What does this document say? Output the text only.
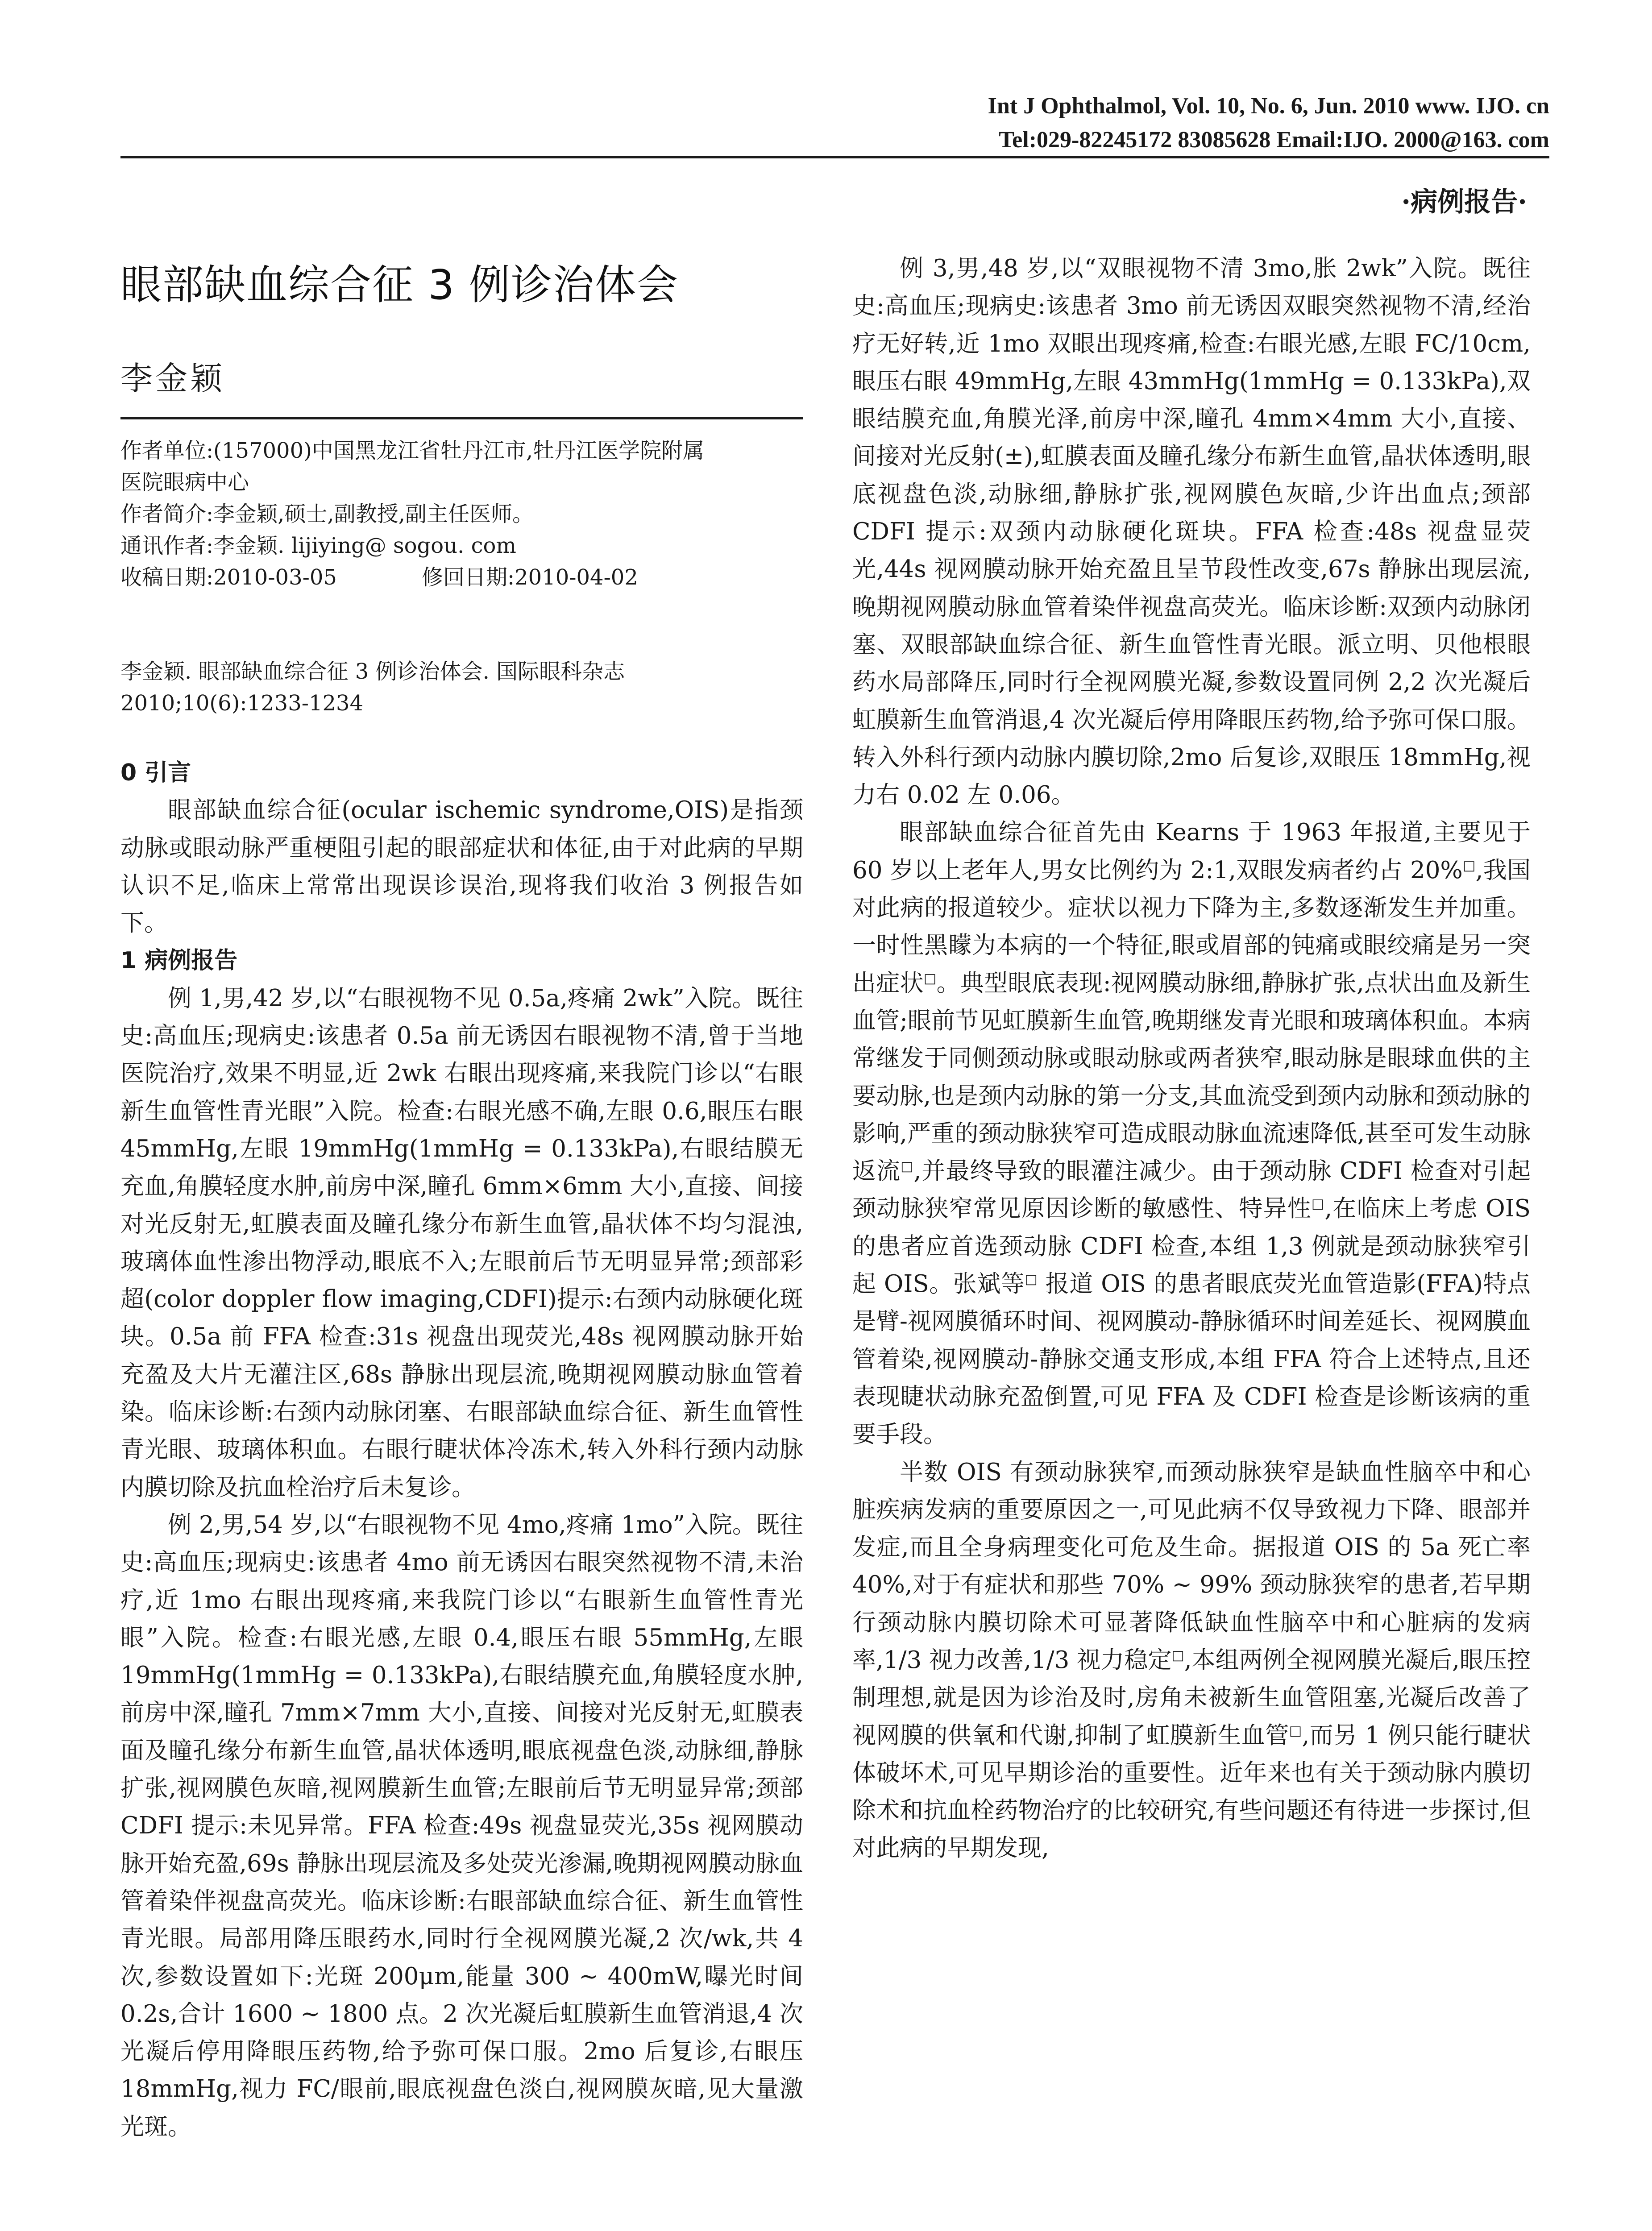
Int J Ophthalmol, Vol. 10, No. 6, Jun. 2010 www. IJO. cn
Tel:029-82245172 83085628 Email:IJO. 2000@163. com
·病例报告·
眼部缺血综合征 3 例诊治体会
李金颖
作者单位:(157000)中国黑龙江省牡丹江市,牡丹江医学院附属
医院眼病中心
作者简介:李金颖,硕士,副教授,副主任医师。
通讯作者:李金颖. lijiying@ sogou. com
收稿日期:2010-03-05	修回日期:2010-04-02
李金颖. 眼部缺血综合征 3 例诊治体会. 国际眼科杂志 2010;10(6):1233-1234
0 引言

眼部缺血综合征(ocular ischemic syndrome,OIS)是指颈动脉或眼动脉严重梗阻引起的眼部症状和体征,由于对此病的早期认识不足,临床上常常出现误诊误治,现将我们收治 3 例报告如下。

1 病例报告

例 1,男,42 岁,以“右眼视物不见 0.5a,疼痛 2wk”入院。既往史:高血压;现病史:该患者 0.5a 前无诱因右眼视物不清,曾于当地医院治疗,效果不明显,近 2wk 右眼出现疼痛,来我院门诊以“右眼新生血管性青光眼”入院。检查:右眼光感不确,左眼 0.6,眼压右眼 45mmHg,左眼 19mmHg(1mmHg = 0.133kPa),右眼结膜无充血,角膜轻度水肿,前房中深,瞳孔 6mm×6mm 大小,直接、间接对光反射无,虹膜表面及瞳孔缘分布新生血管,晶状体不均匀混浊,玻璃体血性渗出物浮动,眼底不入;左眼前后节无明显异常;颈部彩超(color doppler flow imaging,CDFI)提示:右颈内动脉硬化斑块。0.5a 前 FFA 检查:31s 视盘出现荧光,48s 视网膜动脉开始充盈及大片无灌注区,68s 静脉出现层流,晚期视网膜动脉血管着染。临床诊断:右颈内动脉闭塞、右眼部缺血综合征、新生血管性青光眼、玻璃体积血。右眼行睫状体冷冻术,转入外科行颈内动脉内膜切除及抗血栓治疗后未复诊。

例 2,男,54 岁,以“右眼视物不见 4mo,疼痛 1mo”入院。既往史:高血压;现病史:该患者 4mo 前无诱因右眼突然视物不清,未治疗,近 1mo 右眼出现疼痛,来我院门诊以“右眼新生血管性青光眼”入院。检查:右眼光感,左眼 0.4,眼压右眼 55mmHg,左眼 19mmHg(1mmHg = 0.133kPa),右眼结膜充血,角膜轻度水肿,前房中深,瞳孔 7mm×7mm 大小,直接、间接对光反射无,虹膜表面及瞳孔缘分布新生血管,晶状体透明,眼底视盘色淡,动脉细,静脉扩张,视网膜色灰暗,视网膜新生血管;左眼前后节无明显异常;颈部 CDFI 提示:未见异常。FFA 检查:49s 视盘显荧光,35s 视网膜动脉开始充盈,69s 静脉出现层流及多处荧光渗漏,晚期视网膜动脉血管着染伴视盘高荧光。临床诊断:右眼部缺血综合征、新生血管性青光眼。局部用降压眼药水,同时行全视网膜光凝,2 次/wk,共 4 次,参数设置如下:光斑 200μm,能量 300 ~ 400mW,曝光时间 0.2s,合计 1600 ~ 1800 点。2 次光凝后虹膜新生血管消退,4 次光凝后停用降眼压药物,给予弥可保口服。2mo 后复诊,右眼压 18mmHg,视力 FC/眼前,眼底视盘色淡白,视网膜灰暗,见大量激光斑。

例 3,男,48 岁,以“双眼视物不清 3mo,胀 2wk”入院。既往史:高血压;现病史:该患者 3mo 前无诱因双眼突然视物不清,经治疗无好转,近 1mo 双眼出现疼痛,检查:右眼光感,左眼 FC/10cm,眼压右眼 49mmHg,左眼 43mmHg(1mmHg = 0.133kPa),双眼结膜充血,角膜光泽,前房中深,瞳孔 4mm×4mm 大小,直接、间接对光反射(±),虹膜表面及瞳孔缘分布新生血管,晶状体透明,眼底视盘色淡,动脉细,静脉扩张,视网膜色灰暗,少许出血点;颈部 CDFI 提示:双颈内动脉硬化斑块。FFA 检查:48s 视盘显荧光,44s 视网膜动脉开始充盈且呈节段性改变,67s 静脉出现层流,晚期视网膜动脉血管着染伴视盘高荧光。临床诊断:双颈内动脉闭塞、双眼部缺血综合征、新生血管性青光眼。派立明、贝他根眼药水局部降压,同时行全视网膜光凝,参数设置同例 2,2 次光凝后虹膜新生血管消退,4 次光凝后停用降眼压药物,给予弥可保口服。转入外科行颈内动脉内膜切除,2mo 后复诊,双眼压 18mmHg,视力右 0.02 左 0.06。

眼部缺血综合征首先由 Kearns 于 1963 年报道,主要见于 60 岁以上老年人,男女比例约为 2:1,双眼发病者约占 20%□,我国对此病的报道较少。症状以视力下降为主,多数逐渐发生并加重。一时性黑矇为本病的一个特征,眼或眉部的钝痛或眼绞痛是另一突出症状□。典型眼底表现:视网膜动脉细,静脉扩张,点状出血及新生血管;眼前节见虹膜新生血管,晚期继发青光眼和玻璃体积血。本病常继发于同侧颈动脉或眼动脉或两者狭窄,眼动脉是眼球血供的主要动脉,也是颈内动脉的第一分支,其血流受到颈内动脉和颈动脉的影响,严重的颈动脉狭窄可造成眼动脉血流速降低,甚至可发生动脉返流□,并最终导致的眼灌注减少。由于颈动脉 CDFI 检查对引起颈动脉狭窄常见原因诊断的敏感性、特异性□,在临床上考虑 OIS 的患者应首选颈动脉 CDFI 检查,本组 1,3 例就是颈动脉狭窄引起 OIS。张斌等□ 报道 OIS 的患者眼底荧光血管造影(FFA)特点是臂-视网膜循环时间、视网膜动-静脉循环时间差延长、视网膜血管着染,视网膜动-静脉交通支形成,本组 FFA 符合上述特点,且还表现睫状动脉充盈倒置,可见 FFA 及 CDFI 检查是诊断该病的重要手段。

半数 OIS 有颈动脉狭窄,而颈动脉狭窄是缺血性脑卒中和心脏疾病发病的重要原因之一,可见此病不仅导致视力下降、眼部并发症,而且全身病理变化可危及生命。据报道 OIS 的 5a 死亡率 40%,对于有症状和那些 70% ~ 99% 颈动脉狭窄的患者,若早期行颈动脉内膜切除术可显著降低缺血性脑卒中和心脏病的发病率,1/3 视力改善,1/3 视力稳定□,本组两例全视网膜光凝后,眼压控制理想,就是因为诊治及时,房角未被新生血管阻塞,光凝后改善了视网膜的供氧和代谢,抑制了虹膜新生血管□,而另 1 例只能行睫状体破坏术,可见早期诊治的重要性。近年来也有关于颈动脉内膜切除术和抗血栓药物治疗的比较研究,有些问题还有待进一步探讨,但对此病的早期发现,
